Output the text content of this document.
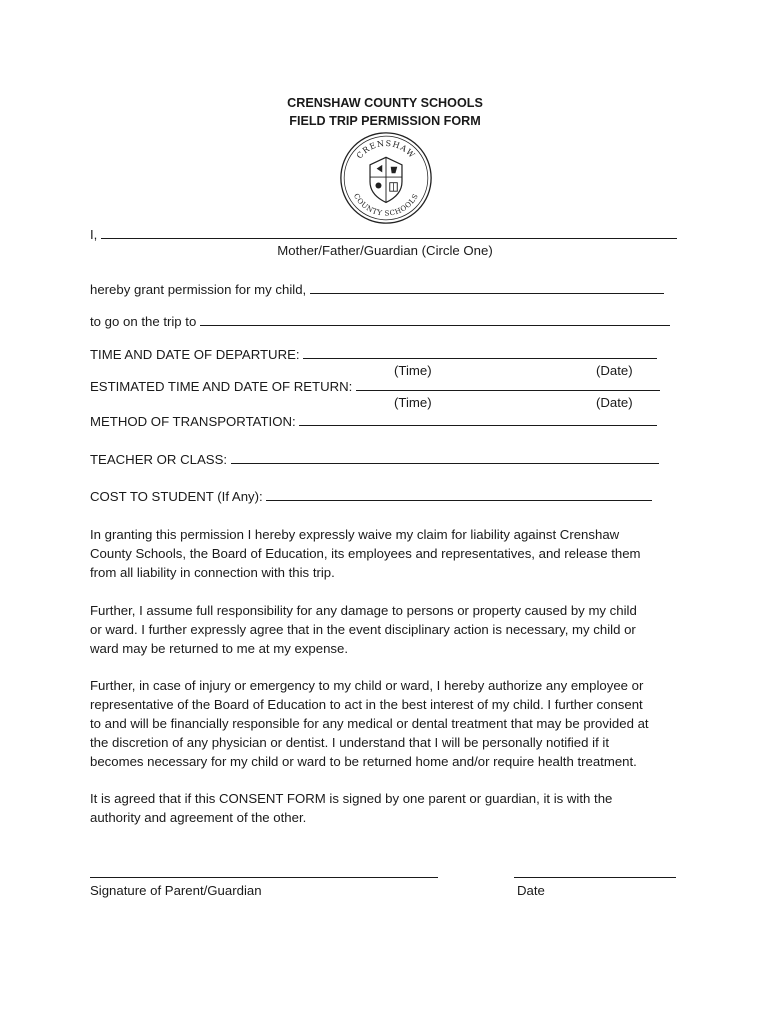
CRENSHAW COUNTY SCHOOLS
FIELD TRIP PERMISSION FORM
CRENSHAW
COUNTY SCHOOLS
I,
Mother/Father/Guardian (Circle One)
hereby grant permission for my child,
to go on the trip to
TIME AND DATE OF DEPARTURE:
(Time)	(Date)
ESTIMATED TIME AND DATE OF RETURN:
(Time)	(Date)
METHOD OF TRANSPORTATION:
TEACHER OR CLASS:
COST TO STUDENT (If Any):
In granting this permission I hereby expressly waive my claim for liability against Crenshaw
County Schools, the Board of Education, its employees and representatives, and release them
from all liability in connection with this trip.
Further, I assume full responsibility for any damage to persons or property caused by my child
or ward. I further expressly agree that in the event disciplinary action is necessary, my child or
ward may be returned to me at my expense.
Further, in case of injury or emergency to my child or ward, I hereby authorize any employee or
representative of the Board of Education to act in the best interest of my child. I further consent
to and will be financially responsible for any medical or dental treatment that may be provided at
the discretion of any physician or dentist. I understand that I will be personally notified if it
becomes necessary for my child or ward to be returned home and/or require health treatment.
It is agreed that if this CONSENT FORM is signed by one parent or guardian, it is with the
authority and agreement of the other.
Signature of Parent/Guardian	Date
